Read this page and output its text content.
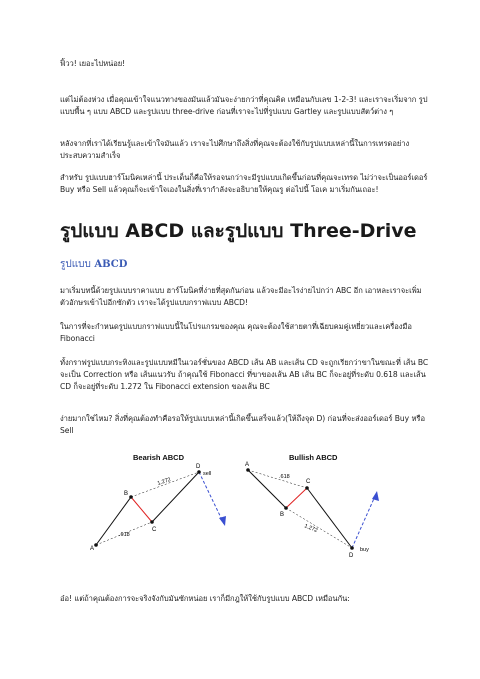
ฟิ้วว! เยอะไปหน่อย!

แต่ไม่ต้องห่วง เมื่อคุณเข้าใจแนวทางของมันแล้วมันจะง่ายกว่าที่คุณคิด เหมือนกับเลข 1-2-3! และเราจะเริ่มจาก รูปแบบพื้น ๆ แบบ ABCD และรูปแบบ three-drive ก่อนที่เราจะไปที่รูปแบบ Gartley และรูปแบบสัตว์ต่าง ๆ

หลังจากที่เราได้เรียนรู้และเข้าใจมันแล้ว เราจะไปศึกษาถึงสิ่งที่คุณจะต้องใช้กับรูปแบบเหล่านี้ในการเทรดอย่างประสบความสำเร็จ

สำหรับ รูปแบบฮาร์โมนิคเหล่านี้ ประเด็นก็คือให้รอจนกว่าจะมีรูปแบบเกิดขึ้นก่อนที่คุณจะเทรด ไม่ว่าจะเป็นออร์เดอร์ Buy หรือ Sell แล้วคุณก็จะเข้าใจเองในสิ่งที่เรากำลังจะอธิบายให้คุณรู ต่อไปนี้ โอเค มาเริ่มกันเถอะ!

รูปแบบ ABCD และรูปแบบ Three-Drive
รูปแบบ ABCD

มาเริ่มบทนี้ด้วยรูปแบบราคาแบบ ฮาร์โมนิคที่ง่ายที่สุดกันก่อน แล้วจะมีอะไรง่ายไปกว่า ABC อีก เอาหละเราจะเพิ่มตัวอักษรเข้าไปอีกซักตัว เราจะได้รูปแบบกราฟแบบ ABCD!

ในการที่จะกำหนดรูปแบบกราฟแบบนี้ในโปรแกรมของคุณ คุณจะต้องใช้สายตาที่เฉียบคมคู่เหยี่ยวและเครื่องมือ Fibonacci

ทั้งกราฟรูปแบบกระทิงและรูปแบบหมีในเวอร์ชั่นของ ABCD เส้น AB และเส้น CD จะถูกเรียกว่าขาในขณะที่ เส้น BC จะเป็น Correction หรือ เส้นแนวรับ ถ้าคุณใช้ Fibonacci ที่ขาของเส้น AB เส้น BC ก็จะอยู่ที่ระดับ 0.618 และเส้น CD ก็จะอยู่ที่ระดับ 1.272 ใน Fibonacci extension ของเส้น BC

ง่ายมากใช่ไหม? สิ่งที่คุณต้องทำคือรอให้รูปแบบเหล่านี้เกิดขึ้นเสร็จแล้ว(ให้ถึงจุด D) ก่อนที่จะส่งออร์เดอร์ Buy หรือ Sell

Bearish ABCD

A
B
C
D
.618
1.272
sell

Bullish ABCD

A
B
C
D
.618
1.272
buy

อ๋อ! แต่ถ้าคุณต้องการจะจริงจังกับมันซักหน่อย เราก็มีกฎให้ใช้กับรูปแบบ ABCD เหมือนกัน:
